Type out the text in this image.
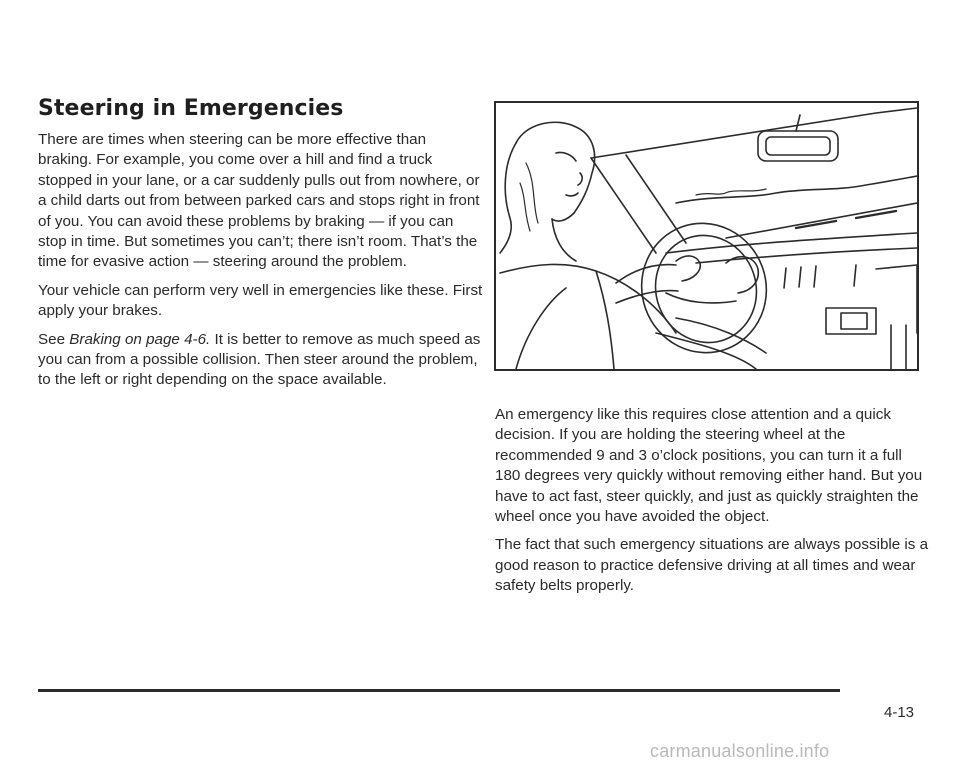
Steering in Emergencies

There are times when steering can be more effective than braking. For example, you come over a hill and find a truck stopped in your lane, or a car suddenly pulls out from nowhere, or a child darts out from between parked cars and stops right in front of you. You can avoid these problems by braking — if you can stop in time. But sometimes you can’t; there isn’t room. That’s the time for evasive action — steering around the problem.

Your vehicle can perform very well in emergencies like these. First apply your brakes.

See Braking on page 4-6. It is better to remove as much speed as you can from a possible collision. Then steer around the problem, to the left or right depending on the space available.

An emergency like this requires close attention and a quick decision. If you are holding the steering wheel at the recommended 9 and 3 o’clock positions, you can turn it a full 180 degrees very quickly without removing either hand. But you have to act fast, steer quickly, and just as quickly straighten the wheel once you have avoided the object.

The fact that such emergency situations are always possible is a good reason to practice defensive driving at all times and wear safety belts properly.

4-13
carmanualsonline.info
